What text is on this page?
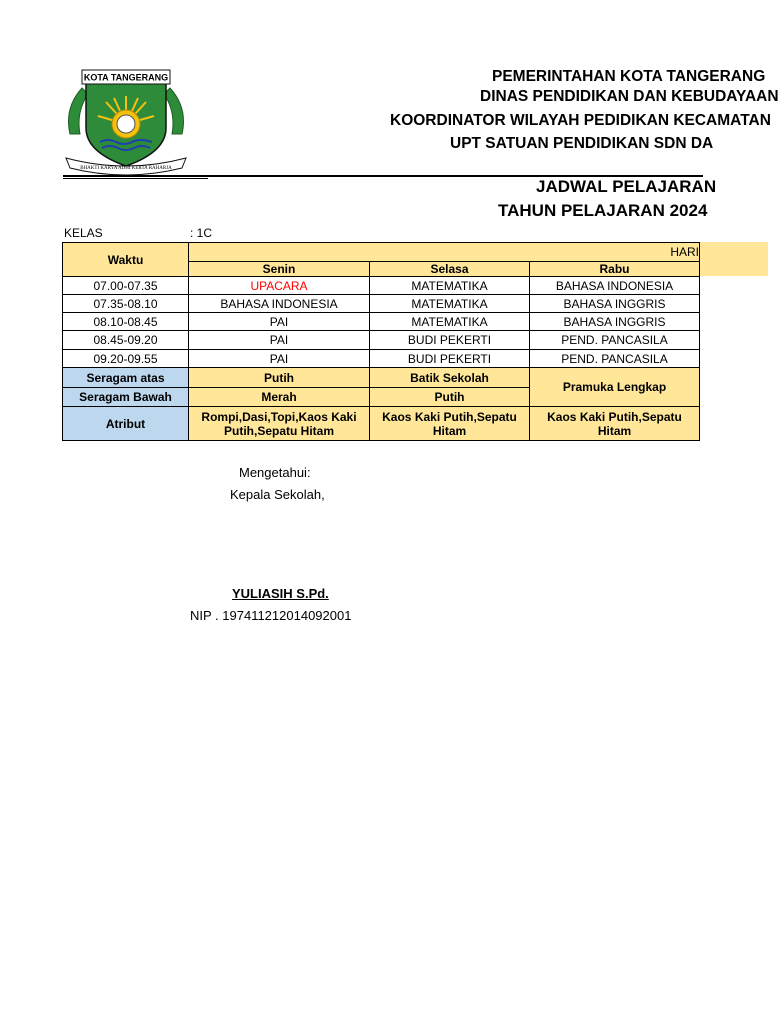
KOTA TANGERANG
BHAKTI KARYA ADHI KERTA RAHARJA
PEMERINTAHAN KOTA TANGERANG
DINAS PENDIDIKAN DAN KEBUDAYAAN
KOORDINATOR WILAYAH PEDIDIKAN KECAMATAN
UPT SATUAN PENDIDIKAN SDN DA
JADWAL PELAJARAN
TAHUN PELAJARAN 2024
KELAS	: 1C
Waktu	HARI		
	Senin	Selasa	Rabu
07.00-07.35	UPACARA	MATEMATIKA	BAHASA INDONESIA
07.35-08.10	BAHASA INDONESIA	MATEMATIKA	BAHASA INGGRIS
08.10-08.45	PAI	MATEMATIKA	BAHASA INGGRIS
08.45-09.20	PAI	BUDI PEKERTI	PEND. PANCASILA
09.20-09.55	PAI	BUDI PEKERTI	PEND. PANCASILA
Seragam atas	Putih	Batik Sekolah	Pramuka Lengkap
Seragam Bawah	Merah	Putih	
Atribut	Rompi,Dasi,Topi,Kaos Kaki Putih,Sepatu Hitam	Kaos Kaki Putih,Sepatu Hitam	Kaos Kaki Putih,Sepatu Hitam
Mengetahui:
Kepala Sekolah,
YULIASIH S.Pd.
NIP . 197411212014092001
